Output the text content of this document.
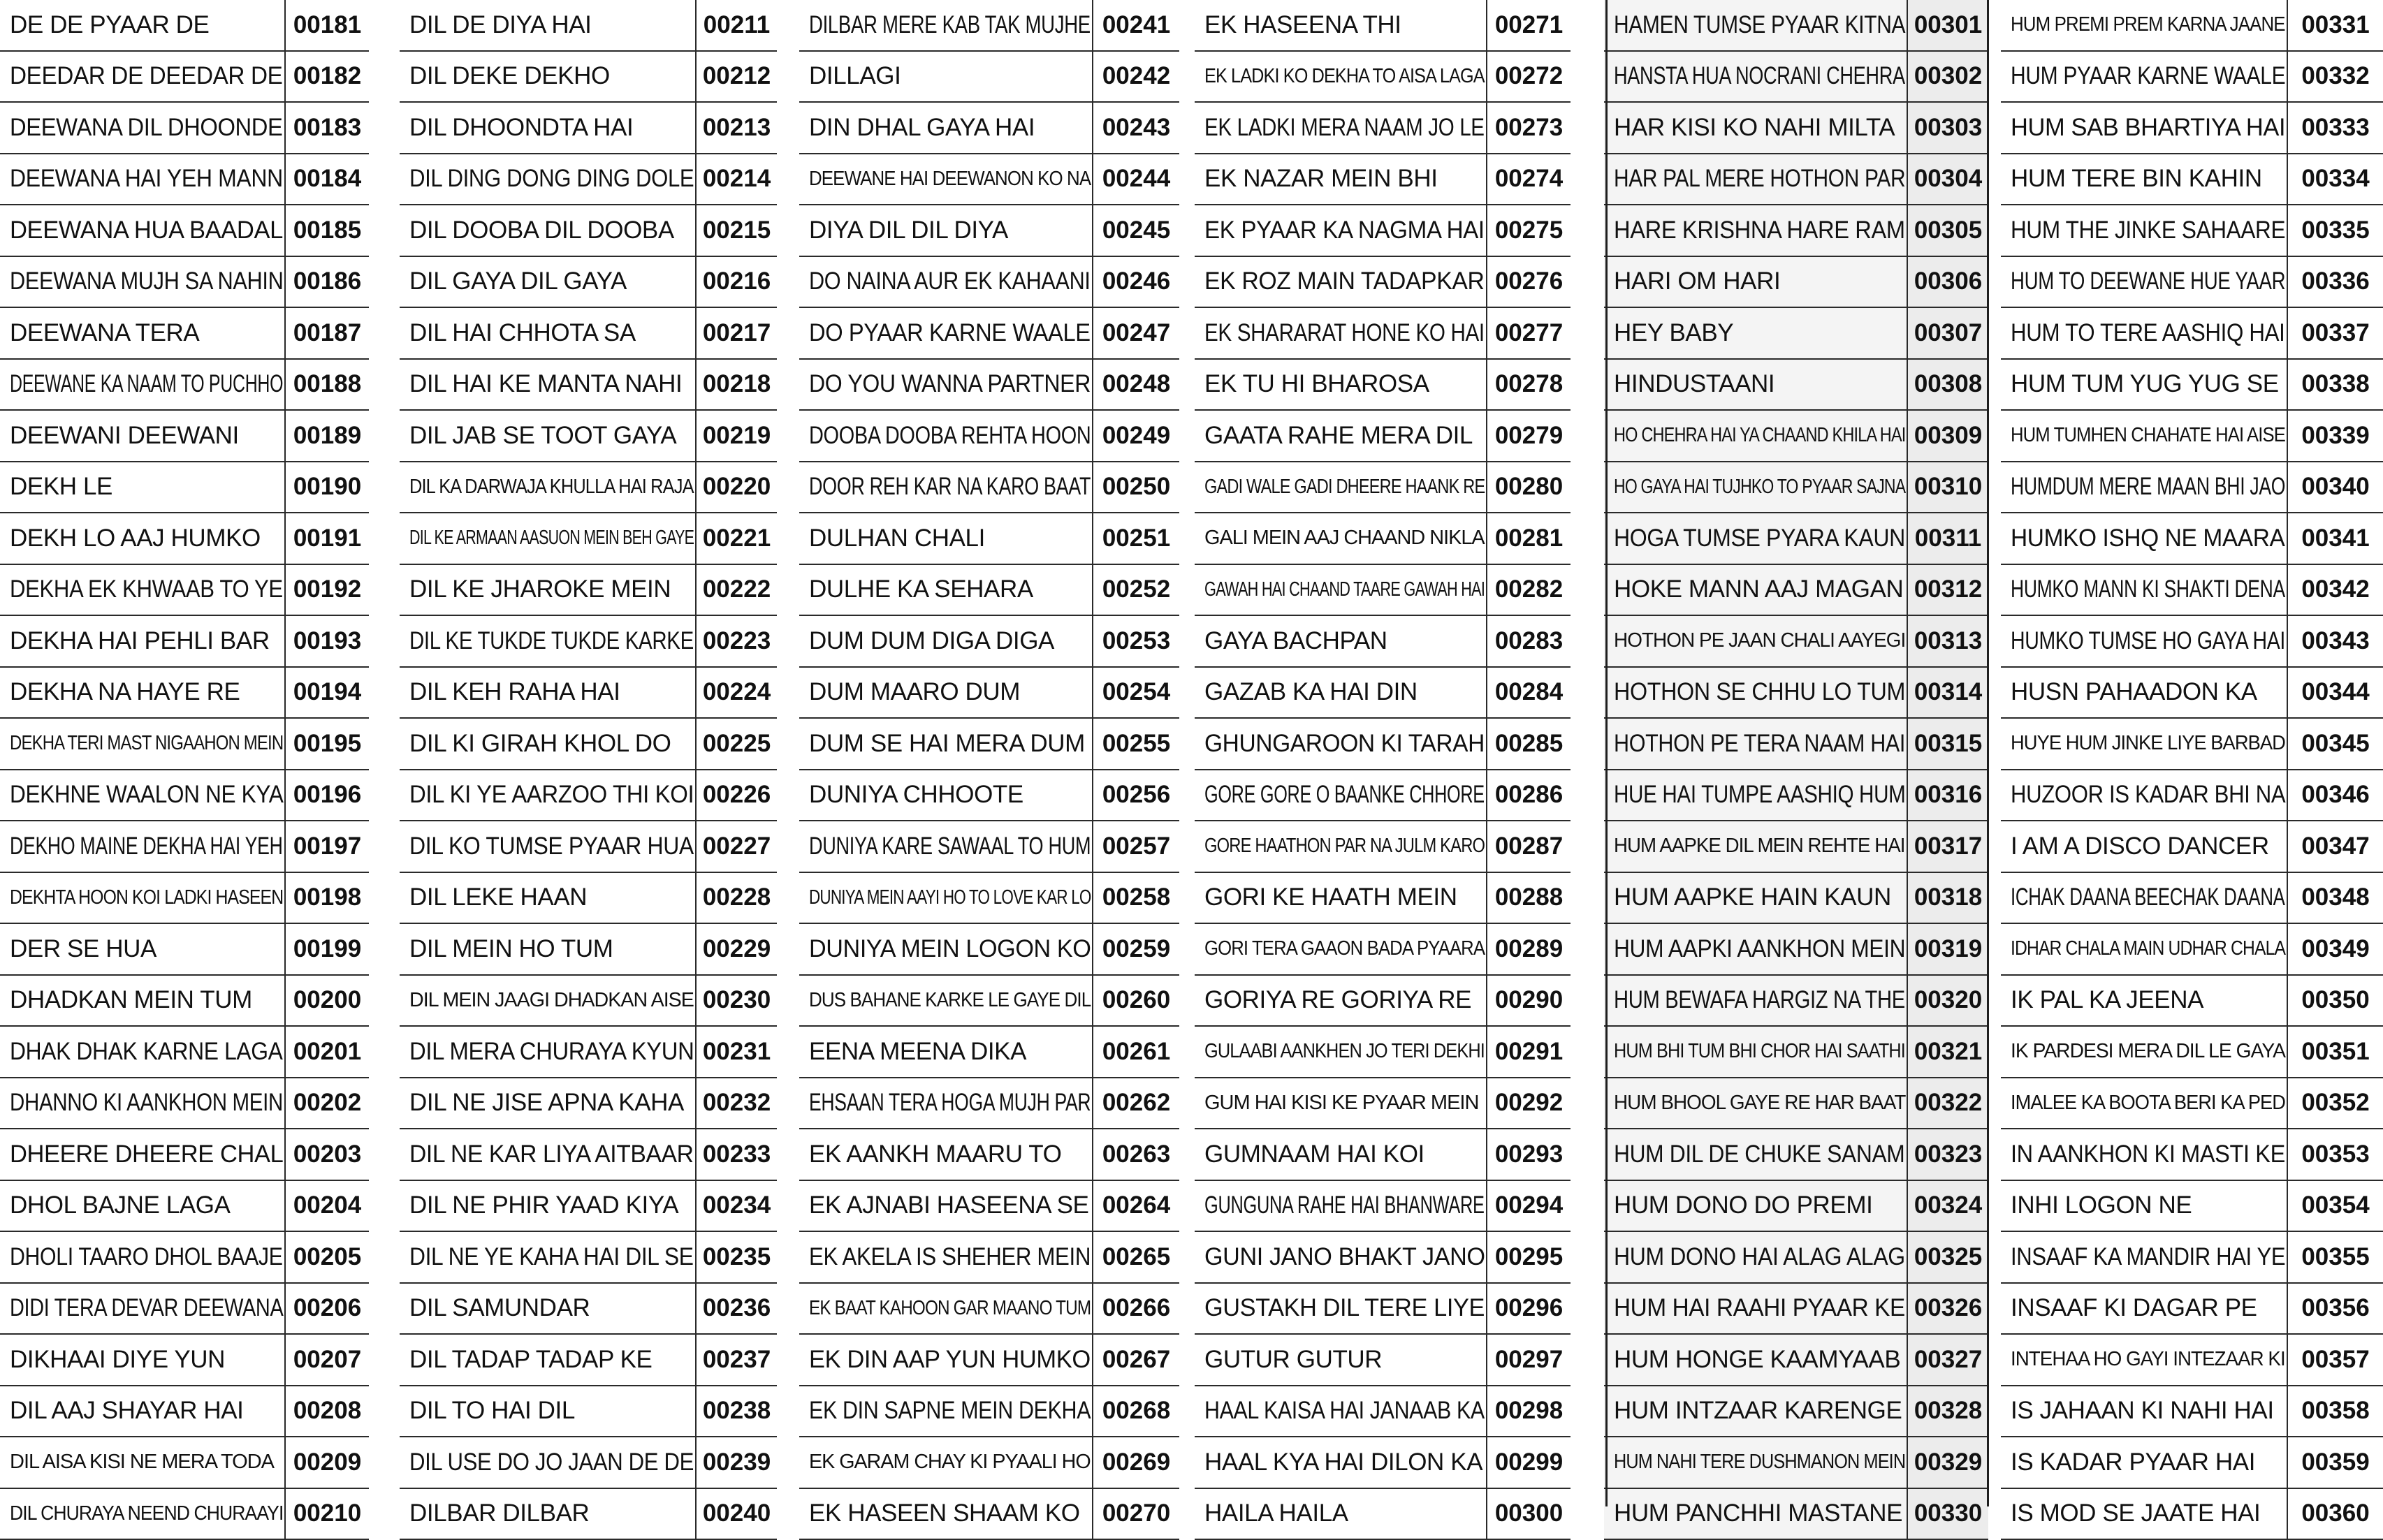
DE DE PYAAR DE	00181
DEEDAR DE DEEDAR DE	00182
DEEWANA DIL DHOONDE	00183
DEEWANA HAI YEH MANN	00184
DEEWANA HUA BAADAL	00185
DEEWANA MUJH SA NAHIN	00186
DEEWANA TERA	00187
DEEWANE KA NAAM TO PUCHHO	00188
DEEWANI DEEWANI	00189
DEKH LE	00190
DEKH LO AAJ HUMKO	00191
DEKHA EK KHWAAB TO YE	00192
DEKHA HAI PEHLI BAR	00193
DEKHA NA HAYE RE	00194
DEKHA TERI MAST NIGAAHON MEIN	00195
DEKHNE WAALON NE KYA	00196
DEKHO MAINE DEKHA HAI YEH	00197
DEKHTA HOON KOI LADKI HASEEN	00198
DER SE HUA	00199
DHADKAN MEIN TUM	00200
DHAK DHAK KARNE LAGA	00201
DHANNO KI AANKHON MEIN	00202
DHEERE DHEERE CHAL	00203
DHOL BAJNE LAGA	00204
DHOLI TAARO DHOL BAAJE	00205
DIDI TERA DEVAR DEEWANA	00206
DIKHAAI DIYE YUN	00207
DIL AAJ SHAYAR HAI	00208
DIL AISA KISI NE MERA TODA	00209
DIL CHURAYA NEEND CHURAAYI	00210
DIL DE DIYA HAI	00211
DIL DEKE DEKHO	00212
DIL DHOONDTA HAI	00213
DIL DING DONG DING DOLE	00214
DIL DOOBA DIL DOOBA	00215
DIL GAYA DIL GAYA	00216
DIL HAI CHHOTA SA	00217
DIL HAI KE MANTA NAHI	00218
DIL JAB SE TOOT GAYA	00219
DIL KA DARWAJA KHULLA HAI RAJA	00220
DIL KE ARMAAN AASUON MEIN BEH GAYE	00221
DIL KE JHAROKE MEIN	00222
DIL KE TUKDE TUKDE KARKE	00223
DIL KEH RAHA HAI	00224
DIL KI GIRAH KHOL DO	00225
DIL KI YE AARZOO THI KOI	00226
DIL KO TUMSE PYAAR HUA	00227
DIL LEKE HAAN	00228
DIL MEIN HO TUM	00229
DIL MEIN JAAGI DHADKAN AISE	00230
DIL MERA CHURAYA KYUN	00231
DIL NE JISE APNA KAHA	00232
DIL NE KAR LIYA AITBAAR	00233
DIL NE PHIR YAAD KIYA	00234
DIL NE YE KAHA HAI DIL SE	00235
DIL SAMUNDAR	00236
DIL TADAP TADAP KE	00237
DIL TO HAI DIL	00238
DIL USE DO JO JAAN DE DE	00239
DILBAR DILBAR	00240
DILBAR MERE KAB TAK MUJHE	00241
DILLAGI	00242
DIN DHAL GAYA HAI	00243
DEEWANE HAI DEEWANON KO NA	00244
DIYA DIL DIL DIYA	00245
DO NAINA AUR EK KAHAANI	00246
DO PYAAR KARNE WAALE	00247
DO YOU WANNA PARTNER	00248
DOOBA DOOBA REHTA HOON	00249
DOOR REH KAR NA KARO BAAT	00250
DULHAN CHALI	00251
DULHE KA SEHARA	00252
DUM DUM DIGA DIGA	00253
DUM MAARO DUM	00254
DUM SE HAI MERA DUM	00255
DUNIYA CHHOOTE	00256
DUNIYA KARE SAWAAL TO HUM	00257
DUNIYA MEIN AAYI HO TO LOVE KAR LO	00258
DUNIYA MEIN LOGON KO	00259
DUS BAHANE KARKE LE GAYE DIL	00260
EENA MEENA DIKA	00261
EHSAAN TERA HOGA MUJH PAR	00262
EK AANKH MAARU TO	00263
EK AJNABI HASEENA SE	00264
EK AKELA IS SHEHER MEIN	00265
EK BAAT KAHOON GAR MAANO TUM	00266
EK DIN AAP YUN HUMKO	00267
EK DIN SAPNE MEIN DEKHA	00268
EK GARAM CHAY KI PYAALI HO	00269
EK HASEEN SHAAM KO	00270
EK HASEENA THI	00271
EK LADKI KO DEKHA TO AISA LAGA	00272
EK LADKI MERA NAAM JO LE	00273
EK NAZAR MEIN BHI	00274
EK PYAAR KA NAGMA HAI	00275
EK ROZ MAIN TADAPKAR	00276
EK SHARARAT HONE KO HAI	00277
EK TU HI BHAROSA	00278
GAATA RAHE MERA DIL	00279
GADI WALE GADI DHEERE HAANK RE	00280
GALI MEIN AAJ CHAAND NIKLA	00281
GAWAH HAI CHAAND TAARE GAWAH HAI	00282
GAYA BACHPAN	00283
GAZAB KA HAI DIN	00284
GHUNGAROON KI TARAH	00285
GORE GORE O BAANKE CHHORE	00286
GORE HAATHON PAR NA JULM KARO	00287
GORI KE HAATH MEIN	00288
GORI TERA GAAON BADA PYAARA	00289
GORIYA RE GORIYA RE	00290
GULAABI AANKHEN JO TERI DEKHI	00291
GUM HAI KISI KE PYAAR MEIN	00292
GUMNAAM HAI KOI	00293
GUNGUNA RAHE HAI BHANWARE	00294
GUNI JANO BHAKT JANO	00295
GUSTAKH DIL TERE LIYE	00296
GUTUR GUTUR	00297
HAAL KAISA HAI JANAAB KA	00298
HAAL KYA HAI DILON KA	00299
HAILA HAILA	00300
HAMEN TUMSE PYAAR KITNA	00301
HANSTA HUA NOCRANI CHEHRA	00302
HAR KISI KO NAHI MILTA	00303
HAR PAL MERE HOTHON PAR	00304
HARE KRISHNA HARE RAM	00305
HARI OM HARI	00306
HEY BABY	00307
HINDUSTAANI	00308
HO CHEHRA HAI YA CHAAND KHILA HAI	00309
HO GAYA HAI TUJHKO TO PYAAR SAJNA	00310
HOGA TUMSE PYARA KAUN	00311
HOKE MANN AAJ MAGAN	00312
HOTHON PE JAAN CHALI AAYEGI	00313
HOTHON SE CHHU LO TUM	00314
HOTHON PE TERA NAAM HAI	00315
HUE HAI TUMPE AASHIQ HUM	00316
HUM AAPKE DIL MEIN REHTE HAI	00317
HUM AAPKE HAIN KAUN	00318
HUM AAPKI AANKHON MEIN	00319
HUM BEWAFA HARGIZ NA THE	00320
HUM BHI TUM BHI CHOR HAI SAATHI	00321
HUM BHOOL GAYE RE HAR BAAT	00322
HUM DIL DE CHUKE SANAM	00323
HUM DONO DO PREMI	00324
HUM DONO HAI ALAG ALAG	00325
HUM HAI RAAHI PYAAR KE	00326
HUM HONGE KAAMYAAB	00327
HUM INTZAAR KARENGE	00328
HUM NAHI TERE DUSHMANON MEIN	00329
HUM PANCHHI MASTANE	00330
HUM PREMI PREM KARNA JAANE	00331
HUM PYAAR KARNE WAALE	00332
HUM SAB BHARTIYA HAI	00333
HUM TERE BIN KAHIN	00334
HUM THE JINKE SAHAARE	00335
HUM TO DEEWANE HUE YAAR	00336
HUM TO TERE AASHIQ HAI	00337
HUM TUM YUG YUG SE	00338
HUM TUMHEN CHAHATE HAI AISE	00339
HUMDUM MERE MAAN BHI JAO	00340
HUMKO ISHQ NE MAARA	00341
HUMKO MANN KI SHAKTI DENA	00342
HUMKO TUMSE HO GAYA HAI	00343
HUSN PAHAADON KA	00344
HUYE HUM JINKE LIYE BARBAD	00345
HUZOOR IS KADAR BHI NA	00346
I AM A DISCO DANCER	00347
ICHAK DAANA BEECHAK DAANA	00348
IDHAR CHALA MAIN UDHAR CHALA	00349
IK PAL KA JEENA	00350
IK PARDESI MERA DIL LE GAYA	00351
IMALEE KA BOOTA BERI KA PED	00352
IN AANKHON KI MASTI KE	00353
INHI LOGON NE	00354
INSAAF KA MANDIR HAI YE	00355
INSAAF KI DAGAR PE	00356
INTEHAA HO GAYI INTEZAAR KI	00357
IS JAHAAN KI NAHI HAI	00358
IS KADAR PYAAR HAI	00359
IS MOD SE JAATE HAI	00360
